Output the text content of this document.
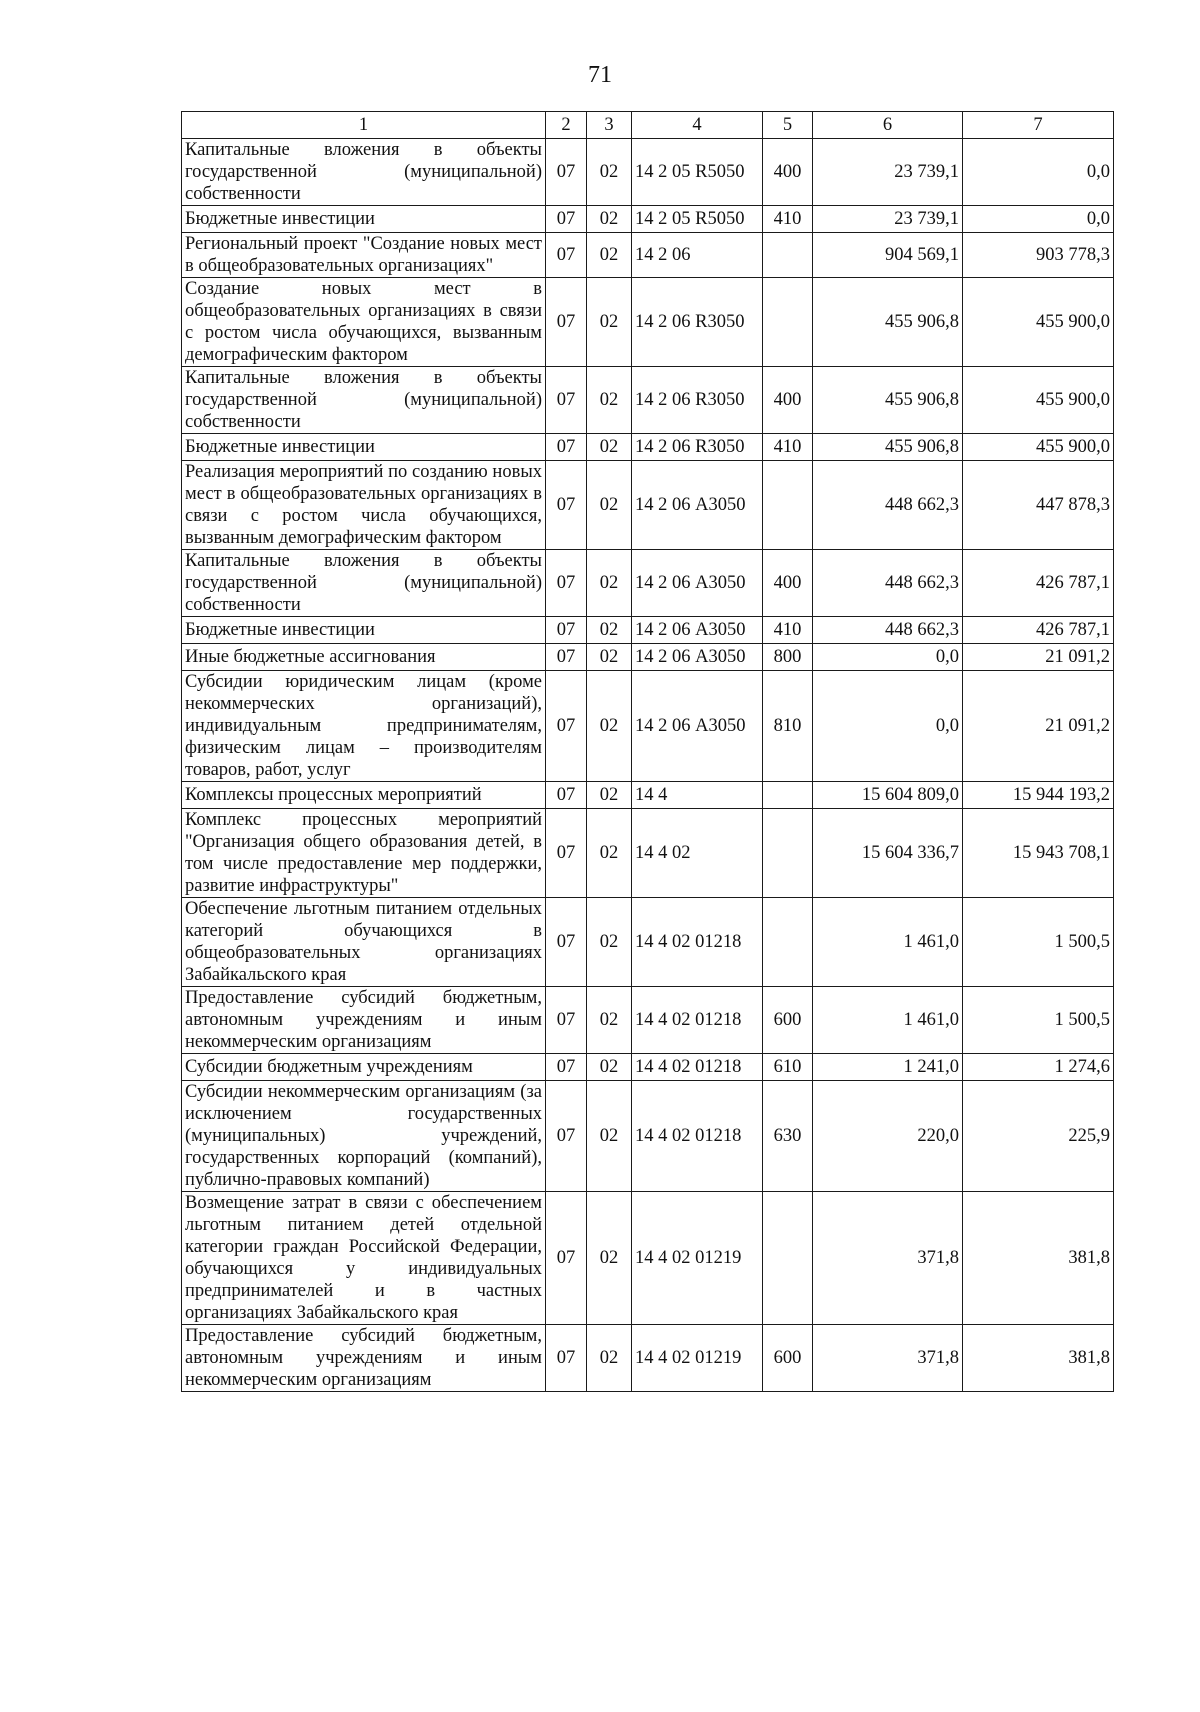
71
1	2	3	4	5	6	7
Капитальные вложения в объекты государственной (муниципальной) собственности	07	02	14 2 05 R5050	400	23 739,1	0,0
Бюджетные инвестиции	07	02	14 2 05 R5050	410	23 739,1	0,0
Региональный проект "Создание новых мест в общеобразовательных организациях"	07	02	14 2 06		904 569,1	903 778,3
Создание новых мест в общеобразовательных организациях в связи с ростом числа обучающихся, вызванным демографическим фактором	07	02	14 2 06 R3050		455 906,8	455 900,0
Капитальные вложения в объекты государственной (муниципальной) собственности	07	02	14 2 06 R3050	400	455 906,8	455 900,0
Бюджетные инвестиции	07	02	14 2 06 R3050	410	455 906,8	455 900,0
Реализация мероприятий по созданию новых мест в общеобразовательных организациях в связи с ростом числа обучающихся, вызванным демографическим фактором	07	02	14 2 06 А3050		448 662,3	447 878,3
Капитальные вложения в объекты государственной (муниципальной) собственности	07	02	14 2 06 А3050	400	448 662,3	426 787,1
Бюджетные инвестиции	07	02	14 2 06 А3050	410	448 662,3	426 787,1
Иные бюджетные ассигнования	07	02	14 2 06 А3050	800	0,0	21 091,2
Субсидии юридическим лицам (кроме некоммерческих организаций), индивидуальным предпринимателям, физическим лицам – производителям товаров, работ, услуг	07	02	14 2 06 А3050	810	0,0	21 091,2
Комплексы процессных мероприятий	07	02	14 4		15 604 809,0	15 944 193,2
Комплекс процессных мероприятий "Организация общего образования детей, в том числе предоставление мер поддержки, развитие инфраструктуры"	07	02	14 4 02		15 604 336,7	15 943 708,1
Обеспечение льготным питанием отдельных категорий обучающихся в общеобразовательных организациях Забайкальского края	07	02	14 4 02 01218		1 461,0	1 500,5
Предоставление субсидий бюджетным, автономным учреждениям и иным некоммерческим организациям	07	02	14 4 02 01218	600	1 461,0	1 500,5
Субсидии бюджетным учреждениям	07	02	14 4 02 01218	610	1 241,0	1 274,6
Субсидии некоммерческим организациям (за исключением государственных (муниципальных) учреждений, государственных корпораций (компаний), публично-правовых компаний)	07	02	14 4 02 01218	630	220,0	225,9
Возмещение затрат в связи с обеспечением льготным питанием детей отдельной категории граждан Российской Федерации, обучающихся у индивидуальных предпринимателей и в частных организациях Забайкальского края	07	02	14 4 02 01219		371,8	381,8
Предоставление субсидий бюджетным, автономным учреждениям и иным некоммерческим организациям	07	02	14 4 02 01219	600	371,8	381,8
